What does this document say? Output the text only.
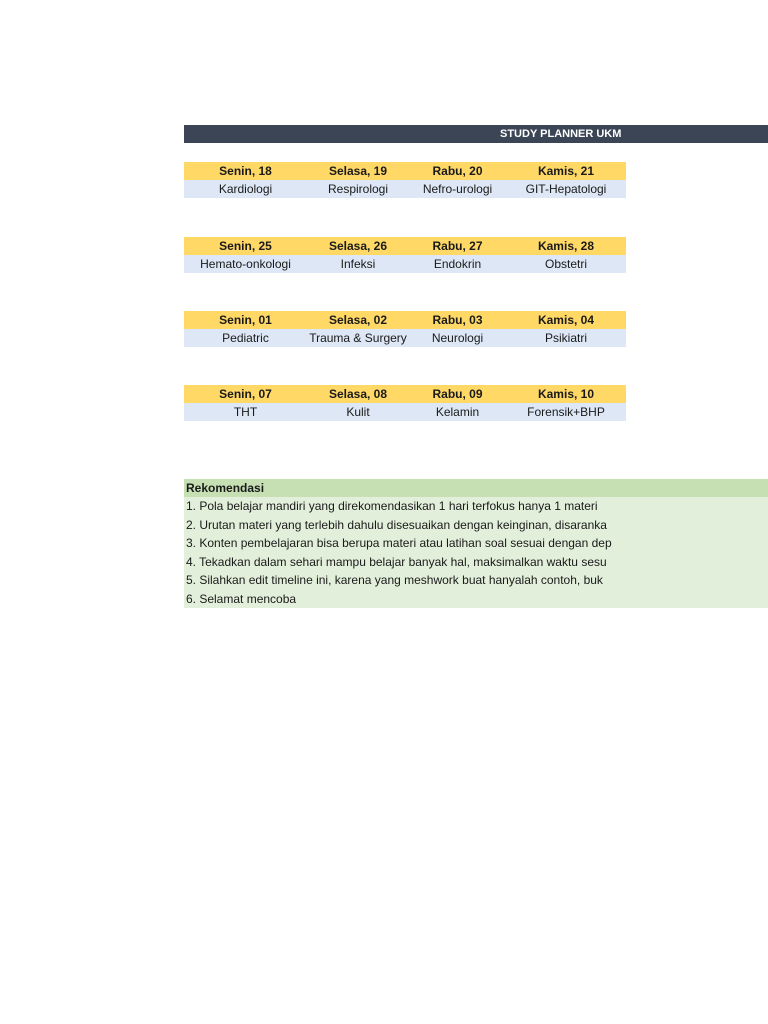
STUDY PLANNER UKM
Senin, 18	Selasa, 19	Rabu, 20	Kamis, 21
Kardiologi	Respirologi	Nefro-urologi	GIT-Hepatologi
Senin, 25	Selasa, 26	Rabu, 27	Kamis, 28
Hemato-onkologi	Infeksi	Endokrin	Obstetri
Senin, 01	Selasa, 02	Rabu, 03	Kamis, 04
Pediatric	Trauma & Surgery	Neurologi	Psikiatri
Senin, 07	Selasa, 08	Rabu, 09	Kamis, 10
THT	Kulit	Kelamin	Forensik+BHP
Rekomendasi
1. Pola belajar mandiri yang direkomendasikan 1 hari terfokus hanya 1 materi
2. Urutan materi yang terlebih dahulu disesuaikan dengan keinginan, disaranka
3. Konten pembelajaran bisa berupa materi atau latihan soal sesuai dengan dep
4. Tekadkan dalam sehari mampu belajar banyak hal, maksimalkan waktu sesu
5. Silahkan edit timeline ini, karena yang meshwork buat hanyalah contoh, buk
6. Selamat mencoba
